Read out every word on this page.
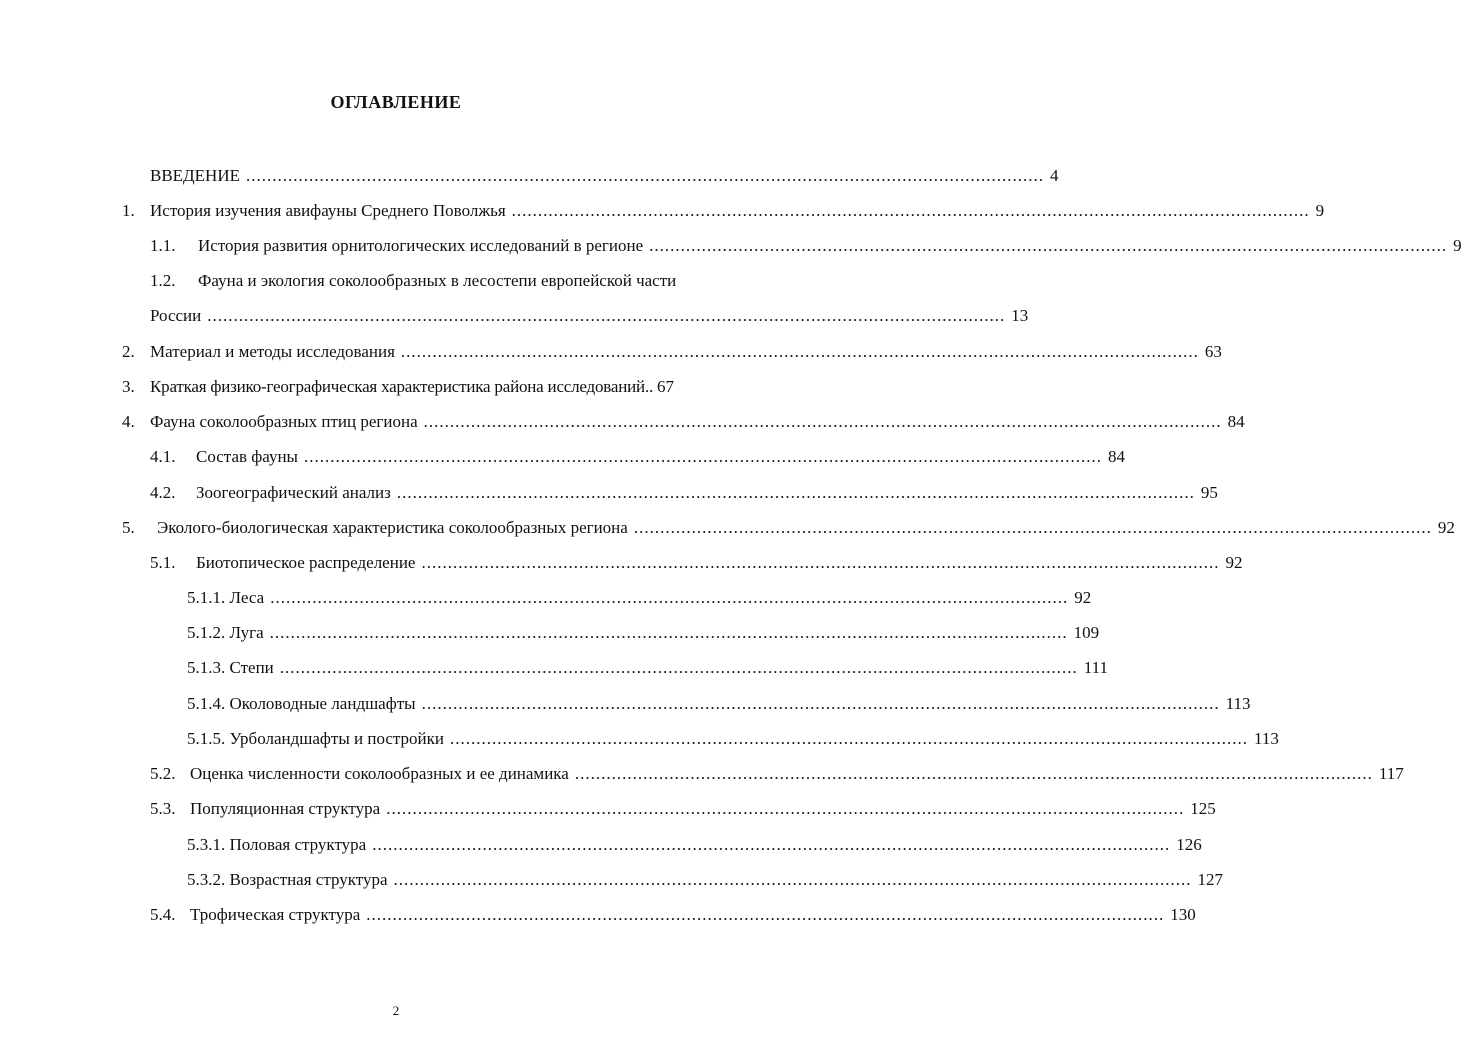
ОГЛАВЛЕНИЕ
ВВЕДЕНИЕ ........................................................................................................................................................ 4
1. История изучения авифауны Среднего Поволжья ........................................................................................................................................................ 9
1.1. История развития орнитологических исследований в регионе ........................................................................................................................................................ 9
1.2. Фауна и экология соколообразных в лесостепи европейской части
России ........................................................................................................................................................ 13
2. Материал и методы исследования ........................................................................................................................................................ 63
3. Краткая физико-географическая характеристика района исследований.. 67
4. Фауна соколообразных птиц региона ........................................................................................................................................................ 84
4.1. Состав фауны ........................................................................................................................................................ 84
4.2. Зоогеографический анализ ........................................................................................................................................................ 95
5. Эколого-биологическая характеристика соколообразных региона ........................................................................................................................................................ 92
5.1. Биотопическое распределение ........................................................................................................................................................ 92
5.1.1. Леса ........................................................................................................................................................ 92
5.1.2. Луга ........................................................................................................................................................ 109
5.1.3. Степи ........................................................................................................................................................ 111
5.1.4. Околоводные ландшафты ........................................................................................................................................................ 113
5.1.5. Урболандшафты и постройки ........................................................................................................................................................ 113
5.2. Оценка численности соколообразных и ее динамика ........................................................................................................................................................ 117
5.3. Популяционная структура ........................................................................................................................................................ 125
5.3.1. Половая структура ........................................................................................................................................................ 126
5.3.2. Возрастная структура ........................................................................................................................................................ 127
5.4. Трофическая структура ........................................................................................................................................................ 130
2
